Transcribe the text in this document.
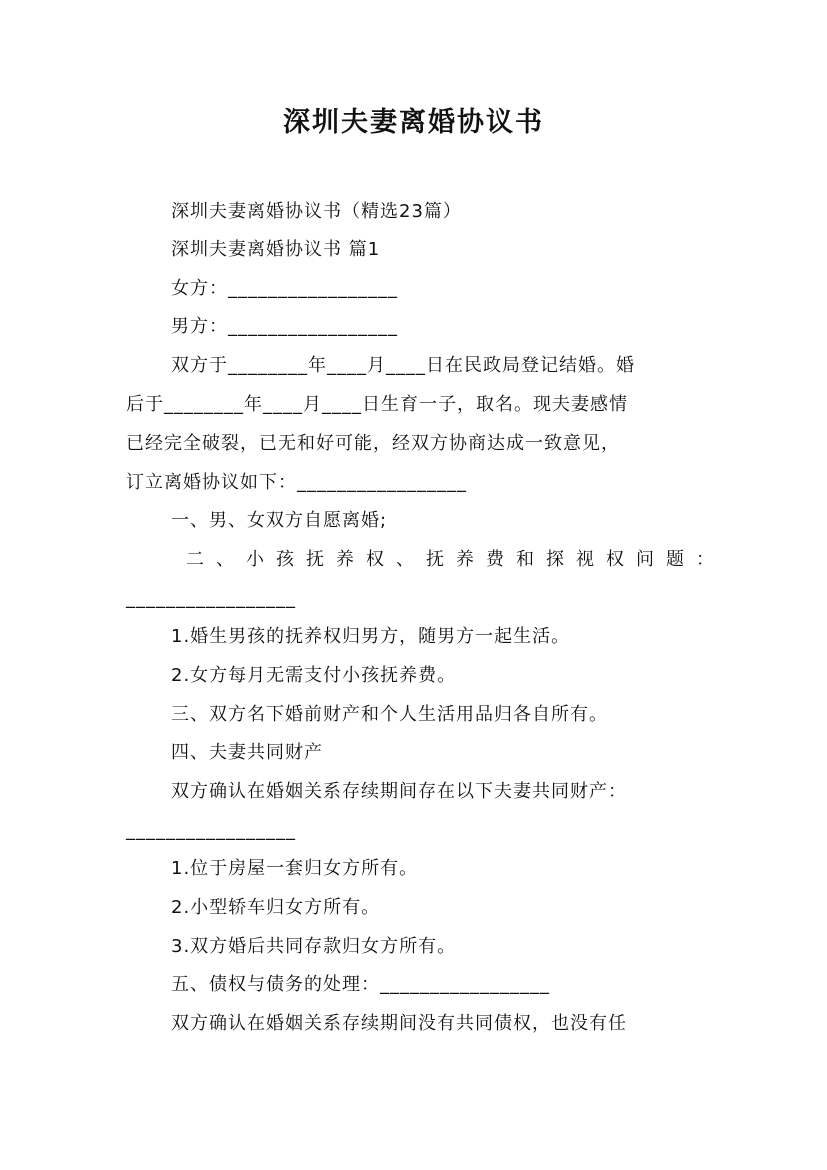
深圳夫妻离婚协议书
深圳夫妻离婚协议书（精选23篇）
深圳夫妻离婚协议书 篇1
女方：_________________
男方：_________________
双方于________年____月____日在民政局登记结婚。婚
后于________年____月____日生育一子，取名。现夫妻感情
已经完全破裂，已无和好可能，经双方协商达成一致意见，
订立离婚协议如下：_________________
一、男、女双方自愿离婚;
二、小孩抚养权、抚养费和探视权问题：
_________________
1.婚生男孩的抚养权归男方，随男方一起生活。
2.女方每月无需支付小孩抚养费。
三、双方名下婚前财产和个人生活用品归各自所有。
四、夫妻共同财产
双方确认在婚姻关系存续期间存在以下夫妻共同财产：
_________________
1.位于房屋一套归女方所有。
2.小型轿车归女方所有。
3.双方婚后共同存款归女方所有。
五、债权与债务的处理：_________________
双方确认在婚姻关系存续期间没有共同债权，也没有任
